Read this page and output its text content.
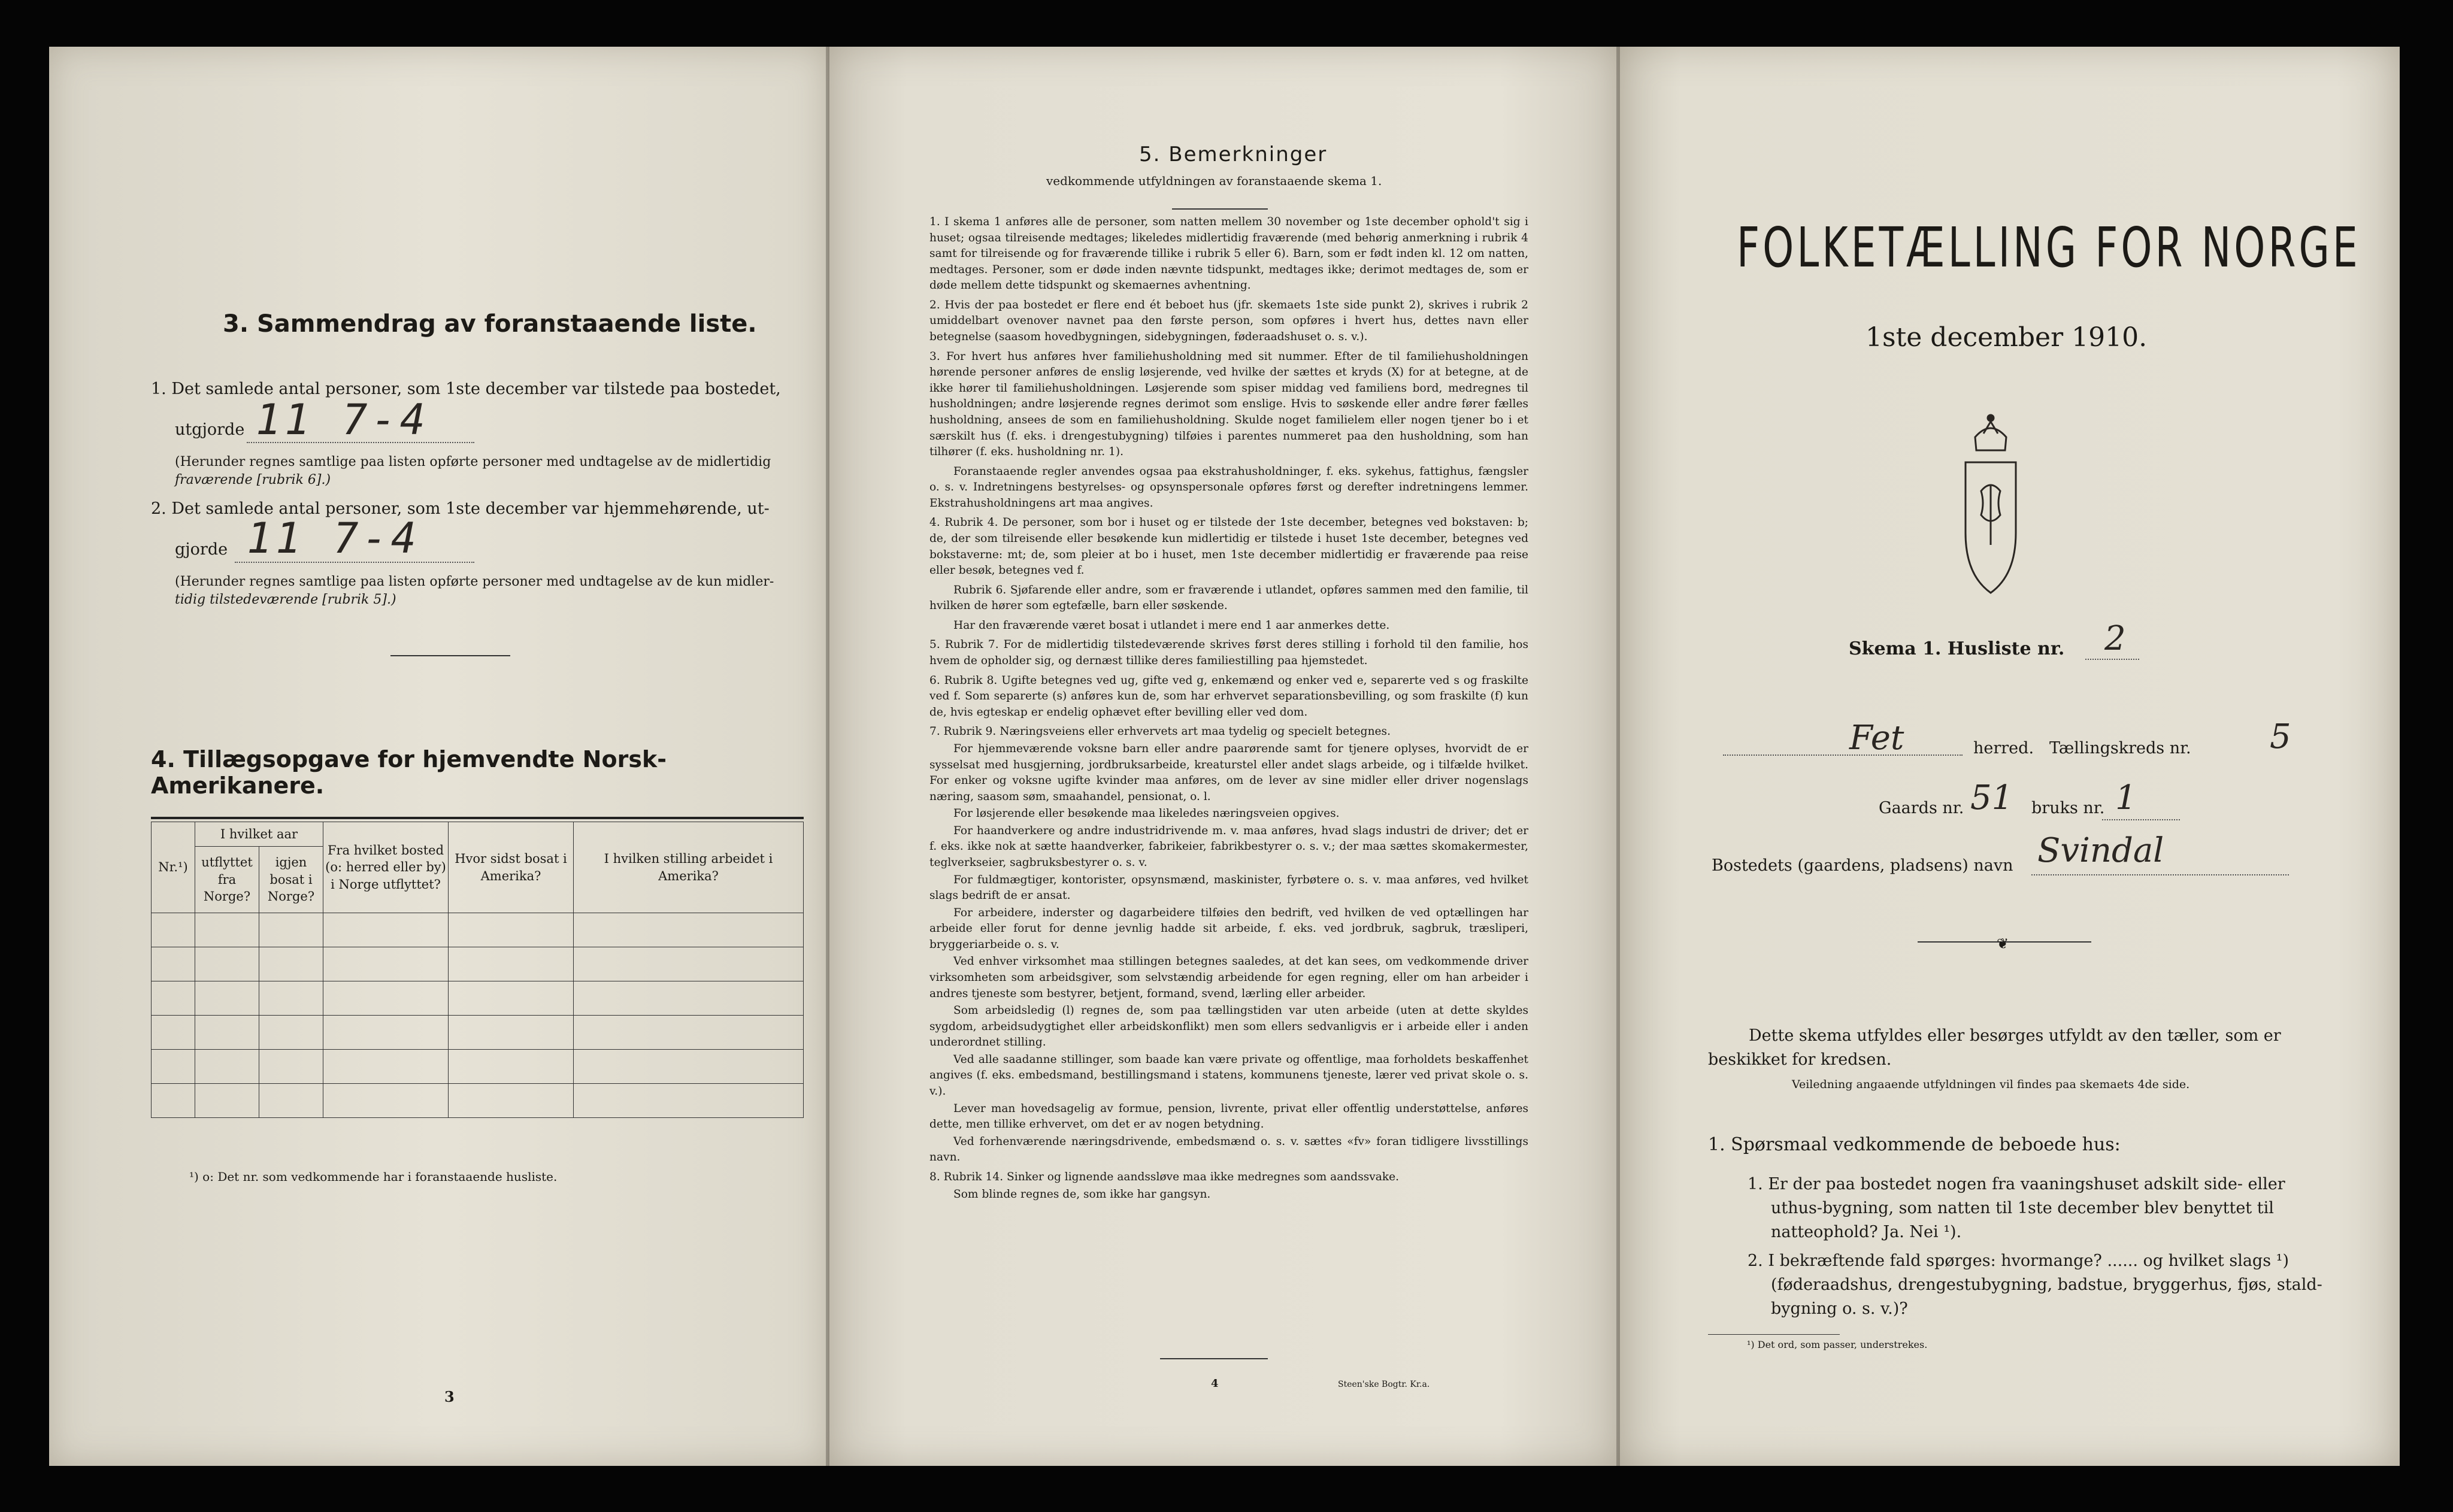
3. Sammendrag av foranstaaende liste.
1. Det samlede antal personer, som 1ste december var tilstede paa bostedet,
utgjorde 11 7-4
(Herunder regnes samtlige paa listen opførte personer med undtagelse av de midlertidig
fraværende [rubrik 6].)
2. Det samlede antal personer, som 1ste december var hjemmehørende, ut-
gjorde 11 7-4
(Herunder regnes samtlige paa listen opførte personer med undtagelse av de kun midler-
tidig tilstedeværende [rubrik 5].)
4. Tillægsopgave for hjemvendte Norsk-Amerikanere.
Nr.¹)	I hvilket aar		Fra hvilket bosted (o: herred eller by) i Norge utflyttet?	Hvor sidst bosat i Amerika?	I hvilken stilling arbeidet i Amerika?
	utflyttet fra Norge?	igjen bosat i Norge?			

¹) o: Det nr. som vedkommende har i foranstaaende husliste.
3
5. Bemerkninger
vedkommende utfyldningen av foranstaaende skema 1.

1. I skema 1 anføres alle de personer, som natten mellem 30 november og 1ste december ophold't sig i huset; ogsaa tilreisende medtages; likeledes midlertidig fraværende (med behørig anmerkning i rubrik 4 samt for tilreisende og for fraværende tillike i rubrik 5 eller 6). Barn, som er født inden kl. 12 om natten, medtages. Personer, som er døde inden nævnte tidspunkt, medtages ikke; derimot medtages de, som er døde mellem dette tidspunkt og skemaernes avhentning.

2. Hvis der paa bostedet er flere end ét beboet hus (jfr. skemaets 1ste side punkt 2), skrives i rubrik 2 umiddelbart ovenover navnet paa den første person, som opføres i hvert hus, dettes navn eller betegnelse (saasom hovedbygningen, sidebygningen, føderaadshuset o. s. v.).

3. For hvert hus anføres hver familiehusholdning med sit nummer. Efter de til familiehusholdningen hørende personer anføres de enslig løsjerende, ved hvilke der sættes et kryds (X) for at betegne, at de ikke hører til familiehusholdningen. Løsjerende som spiser middag ved familiens bord, medregnes til husholdningen; andre løsjerende regnes derimot som enslige. Hvis to søskende eller andre fører fælles husholdning, ansees de som en familiehusholdning. Skulde noget familielem eller nogen tjener bo i et særskilt hus (f. eks. i drengestubygning) tilføies i parentes nummeret paa den husholdning, som han tilhører (f. eks. husholdning nr. 1).

Foranstaaende regler anvendes ogsaa paa ekstrahusholdninger, f. eks. sykehus, fattighus, fængsler o. s. v. Indretningens bestyrelses- og opsynspersonale opføres først og derefter indretningens lemmer. Ekstrahusholdningens art maa angives.

4. Rubrik 4. De personer, som bor i huset og er tilstede der 1ste december, betegnes ved bokstaven: b; de, der som tilreisende eller besøkende kun midlertidig er tilstede i huset 1ste december, betegnes ved bokstaverne: mt; de, som pleier at bo i huset, men 1ste december midlertidig er fraværende paa reise eller besøk, betegnes ved f.

Rubrik 6. Sjøfarende eller andre, som er fraværende i utlandet, opføres sammen med den familie, til hvilken de hører som egtefælle, barn eller søskende.

Har den fraværende været bosat i utlandet i mere end 1 aar anmerkes dette.

5. Rubrik 7. For de midlertidig tilstedeværende skrives først deres stilling i forhold til den familie, hos hvem de opholder sig, og dernæst tillike deres familiestilling paa hjemstedet.

6. Rubrik 8. Ugifte betegnes ved ug, gifte ved g, enkemænd og enker ved e, separerte ved s og fraskilte ved f. Som separerte (s) anføres kun de, som har erhvervet separationsbevilling, og som fraskilte (f) kun de, hvis egteskap er endelig ophævet efter bevilling eller ved dom.

7. Rubrik 9. Næringsveiens eller erhvervets art maa tydelig og specielt betegnes.

For hjemmeværende voksne barn eller andre paarørende samt for tjenere oplyses, hvorvidt de er sysselsat med husgjerning, jordbruksarbeide, kreaturstel eller andet slags arbeide, og i tilfælde hvilket. For enker og voksne ugifte kvinder maa anføres, om de lever av sine midler eller driver nogenslags næring, saasom søm, smaahandel, pensionat, o. l.

For løsjerende eller besøkende maa likeledes næringsveien opgives.

For haandverkere og andre industridrivende m. v. maa anføres, hvad slags industri de driver; det er f. eks. ikke nok at sætte haandverker, fabrikeier, fabrikbestyrer o. s. v.; der maa sættes skomakermester, teglverkseier, sagbruksbestyrer o. s. v.

For fuldmægtiger, kontorister, opsynsmænd, maskinister, fyrbøtere o. s. v. maa anføres, ved hvilket slags bedrift de er ansat.

For arbeidere, inderster og dagarbeidere tilføies den bedrift, ved hvilken de ved optællingen har arbeide eller forut for denne jevnlig hadde sit arbeide, f. eks. ved jordbruk, sagbruk, træsliperi, bryggeriarbeide o. s. v.

Ved enhver virksomhet maa stillingen betegnes saaledes, at det kan sees, om vedkommende driver virksomheten som arbeidsgiver, som selvstændig arbeidende for egen regning, eller om han arbeider i andres tjeneste som bestyrer, betjent, formand, svend, lærling eller arbeider.

Som arbeidsledig (l) regnes de, som paa tællingstiden var uten arbeide (uten at dette skyldes sygdom, arbeidsudygtighet eller arbeidskonflikt) men som ellers sedvanligvis er i arbeide eller i anden underordnet stilling.

Ved alle saadanne stillinger, som baade kan være private og offentlige, maa forholdets beskaffenhet angives (f. eks. embedsmand, bestillingsmand i statens, kommunens tjeneste, lærer ved privat skole o. s. v.).

Lever man hovedsagelig av formue, pension, livrente, privat eller offentlig understøttelse, anføres dette, men tillike erhvervet, om det er av nogen betydning.

Ved forhenværende næringsdrivende, embedsmænd o. s. v. sættes «fv» foran tidligere livsstillings navn.

8. Rubrik 14. Sinker og lignende aandssløve maa ikke medregnes som aandssvake.

Som blinde regnes de, som ikke har gangsyn.

4	Steen'ske Bogtr. Kr.a.
FOLKETÆLLING FOR NORGE
1ste december 1910.
Skema 1. Husliste nr. 2
Fet	herred. Tællingskreds nr. 5
Gaards nr. 51 bruks nr. 1
Bostedets (gaardens, pladsens) navn Svindal
❦
Dette skema utfyldes eller besørges utfyldt av den tæller, som er
beskikket for kredsen.
Veiledning angaaende utfyldningen vil findes paa skemaets 4de side.
1. Spørsmaal vedkommende de beboede hus:
1. Er der paa bostedet nogen fra vaaningshuset adskilt side- eller
uthus-bygning, som natten til 1ste december blev benyttet til
natteophold? Ja. Nei ¹).
2. I bekræftende fald spørges: hvormange? ...... og hvilket slags ¹)
(føderaadshus, drengestubygning, badstue, bryggerhus, fjøs, stald-
bygning o. s. v.)?
¹) Det ord, som passer, understrekes.
